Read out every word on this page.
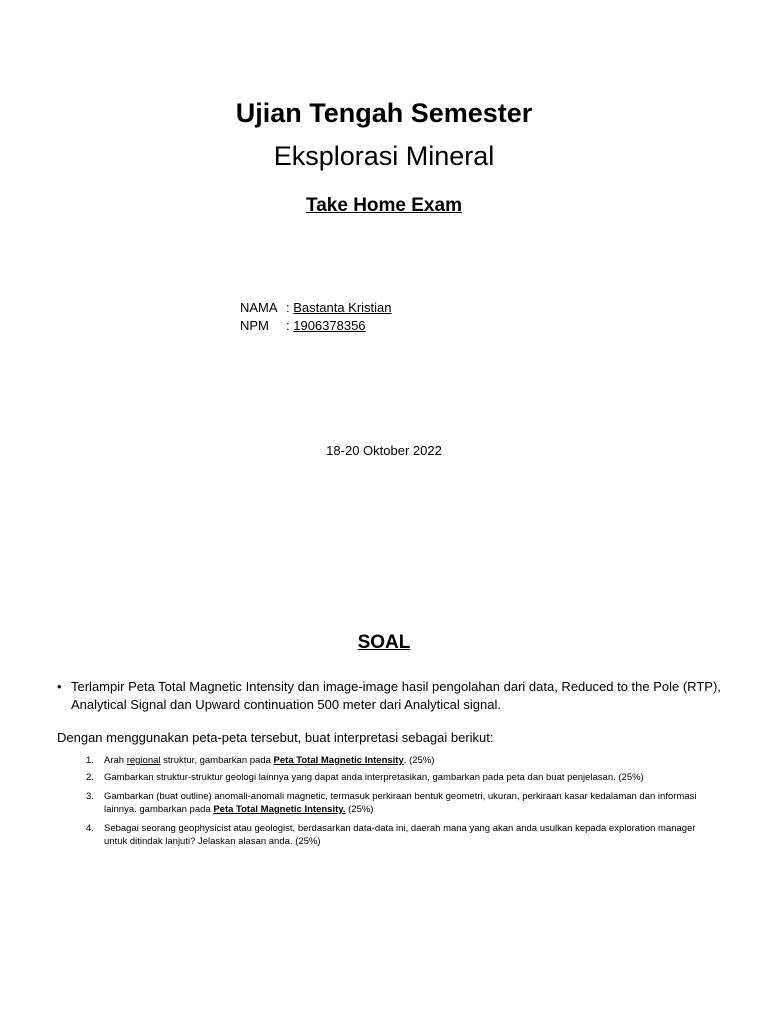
Ujian Tengah Semester
Eksplorasi Mineral
Take Home Exam
NAMA : Bastanta Kristian
NPM : 1906378356
18-20 Oktober 2022
SOAL
• Terlampir Peta Total Magnetic Intensity dan image-image hasil pengolahan dari data, Reduced to the Pole (RTP), Analytical Signal dan Upward continuation 500 meter dari Analytical signal.
Dengan menggunakan peta-peta tersebut, buat interpretasi sebagai berikut:
1. Arah regional struktur, gambarkan pada Peta Total Magnetic Intensity. (25%)
2. Gambarkan struktur-struktur geologi lainnya yang dapat anda interpretasikan, gambarkan pada peta dan buat penjelasan. (25%)
3. Gambarkan (buat outline) anomali-anomali magnetic, termasuk perkiraan bentuk geometri, ukuran, perkiraan kasar kedalaman dan informasi lainnya. gambarkan pada Peta Total Magnetic Intensity. (25%)
4. Sebagai seorang geophysicist atau geologist, berdasarkan data-data ini, daerah mana yang akan anda usulkan kepada exploration manager untuk ditindak lanjuti? Jelaskan alasan anda. (25%)
